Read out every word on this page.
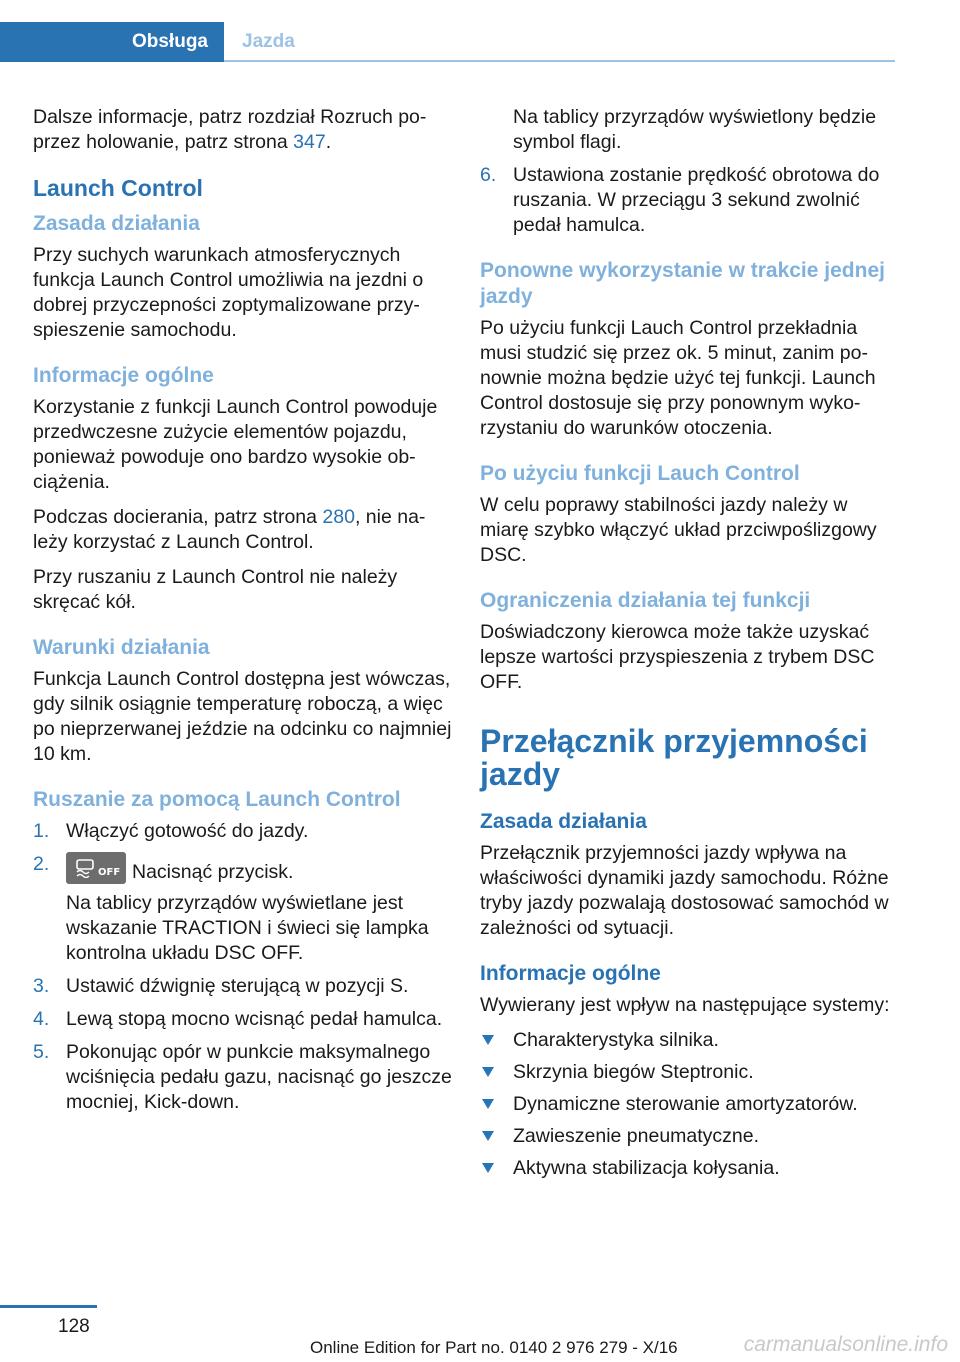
Obsługa	Jazda

Dalsze informacje, patrz rozdział Rozruch poprzez holowanie, patrz strona 347.

Launch Control
Zasada działania

Przy suchych warunkach atmosferycznych funkcja Launch Control umożliwia na jezdni o dobrej przyczepności zoptymalizowane przyspieszenie samochodu.

Informacje ogólne

Korzystanie z funkcji Launch Control powoduje przedwczesne zużycie elementów pojazdu, ponieważ powoduje ono bardzo wysokie obciążenia.

Podczas docierania, patrz strona 280, nie należy korzystać z Launch Control.

Przy ruszaniu z Launch Control nie należy skręcać kół.

Warunki działania

Funkcja Launch Control dostępna jest wówczas, gdy silnik osiągnie temperaturę roboczą, a więc po nieprzerwanej jeździe na odcinku co najmniej 10 km.

Ruszanie za pomocą Launch Control
1. Włączyć gotowość do jazdy.
2.	OFF Nacisnąć przycisk.
Na tablicy przyrządów wyświetlane jest wskazanie TRACTION i świeci się lampka kontrolna układu DSC OFF.
3. Ustawić dźwignię sterującą w pozycji S.
4. Lewą stopą mocno wcisnąć pedał hamulca.
5. Pokonując opór w punkcie maksymalnego wciśnięcia pedału gazu, nacisnąć go jeszcze mocniej, Kick-down.
Na tablicy przyrządów wyświetlony będzie symbol flagi.
6. Ustawiona zostanie prędkość obrotowa do ruszania. W przeciągu 3 sekund zwolnić pedał hamulca.
Ponowne wykorzystanie w trakcie jednej jazdy

Po użyciu funkcji Lauch Control przekładnia musi studzić się przez ok. 5 minut, zanim ponownie można będzie użyć tej funkcji. Launch Control dostosuje się przy ponownym wykorzystaniu do warunków otoczenia.

Po użyciu funkcji Lauch Control

W celu poprawy stabilności jazdy należy w miarę szybko włączyć układ przciwpoślizgowy DSC.

Ograniczenia działania tej funkcji

Doświadczony kierowca może także uzyskać lepsze wartości przyspieszenia z trybem DSC OFF.

Przełącznik przyjemności jazdy
Zasada działania

Przełącznik przyjemności jazdy wpływa na właściwości dynamiki jazdy samochodu. Różne tryby jazdy pozwalają dostosować samochód w zależności od sytuacji.

Informacje ogólne

Wywierany jest wpływ na następujące systemy:

Charakterystyka silnika.
Skrzynia biegów Steptronic.
Dynamiczne sterowanie amortyzatorów.
Zawieszenie pneumatyczne.
Aktywna stabilizacja kołysania.
128
Online Edition for Part no. 0140 2 976 279 - X/16	carmanualsonline.info
